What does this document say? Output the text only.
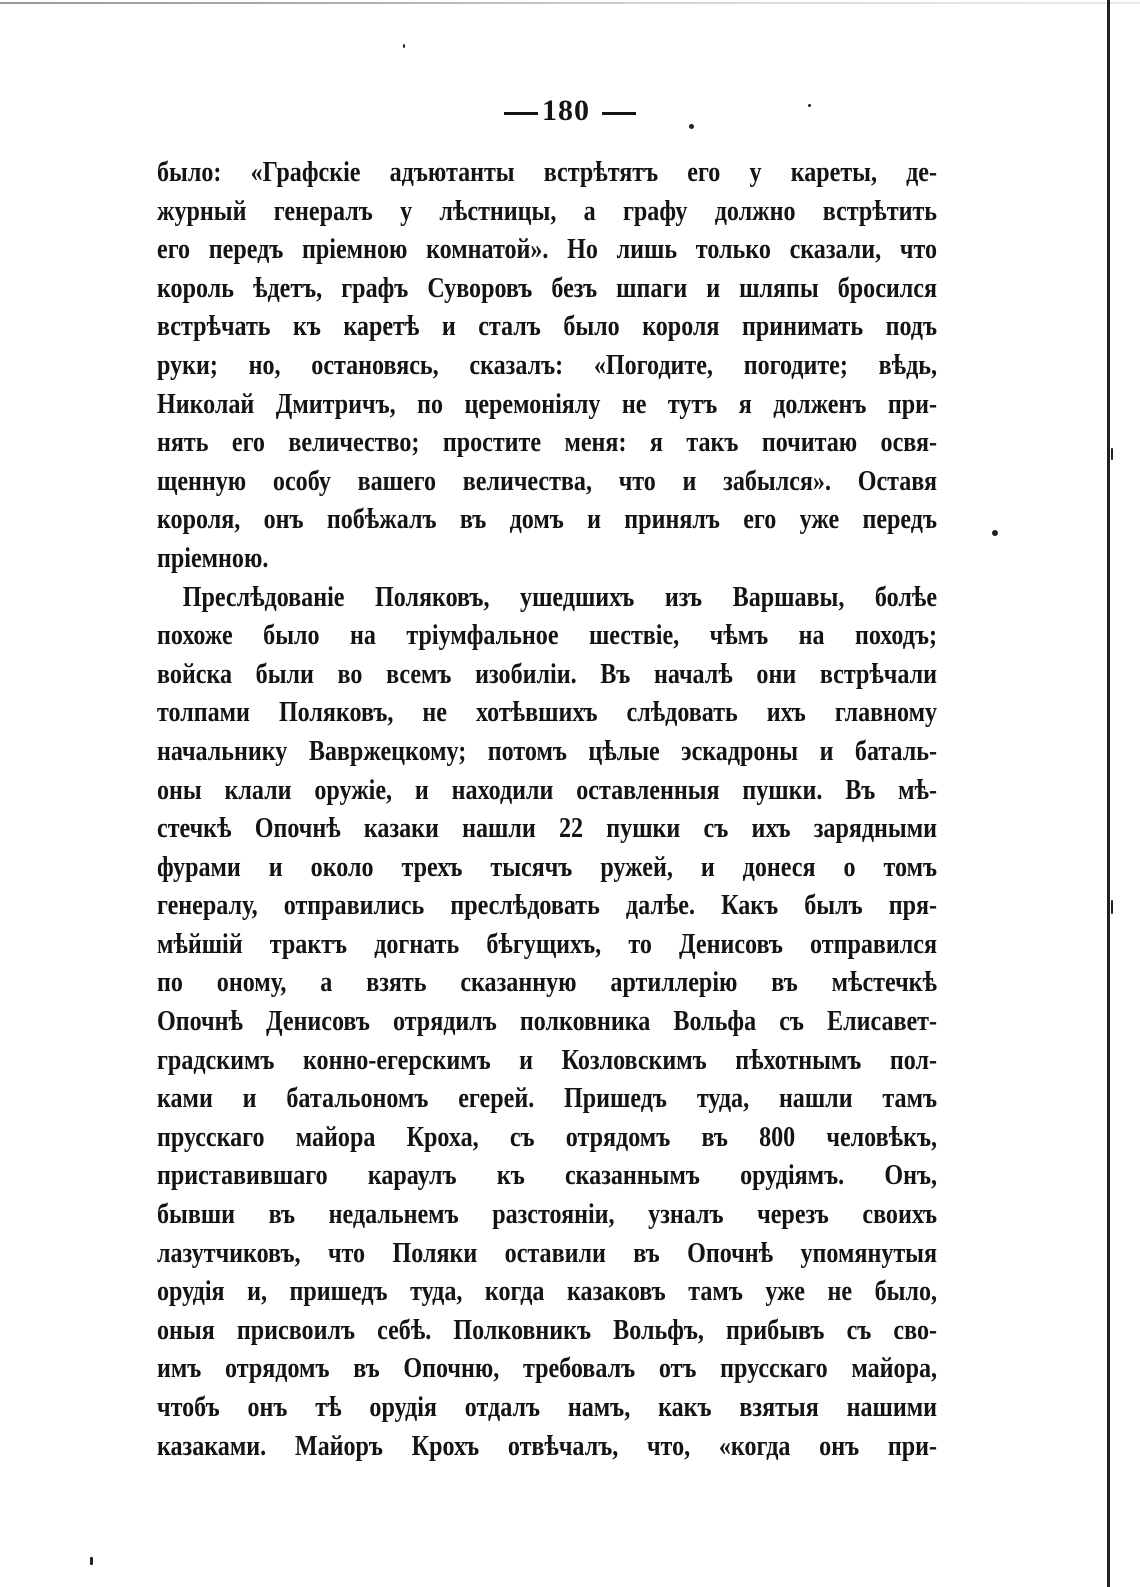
180
было: «Графскіе адъютанты встрѣтятъ его у кареты, де-
журный генералъ у лѣстницы, а графу должно встрѣтить
его передъ пріемною комнатой». Но лишь только сказали, что
король ѣдетъ, графъ Суворовъ безъ шпаги и шляпы бросился
встрѣчать къ каретѣ и сталъ было короля принимать подъ
руки; но, остановясь, сказалъ: «Погодите, погодите; вѣдь,
Николай Дмитричъ, по церемоніялу не тутъ я долженъ при-
нять его величество; простите меня: я такъ почитаю освя-
щенную особу вашего величества, что и забылся». Оставя
короля, онъ побѣжалъ въ домъ и принялъ его уже передъ
пріемною.
Преслѣдованіе Поляковъ, ушедшихъ изъ Варшавы, болѣе
похоже было на тріумфальное шествіе, чѣмъ на походъ;
войска были во всемъ изобиліи. Въ началѣ они встрѣчали
толпами Поляковъ, не хотѣвшихъ слѣдовать ихъ главному
начальнику Вавржецкому; потомъ цѣлые эскадроны и баталь-
оны клали оружіе, и находили оставленныя пушки. Въ мѣ-
стечкѣ Опочнѣ казаки нашли 22 пушки съ ихъ зарядными
фурами и около трехъ тысячъ ружей, и донеся о томъ
генералу, отправились преслѣдовать далѣе. Какъ былъ пря-
мѣйшій трактъ догнать бѣгущихъ, то Денисовъ отправился
по оному, а взять сказанную артиллерію въ мѣстечкѣ
Опочнѣ Денисовъ отрядилъ полковника Вольфа съ Елисавет-
градскимъ конно-егерскимъ и Козловскимъ пѣхотнымъ пол-
ками и батальономъ егерей. Пришедъ туда, нашли тамъ
прусскаго майора Кроха, съ отрядомъ въ 800 человѣкъ,
приставившаго караулъ къ сказаннымъ орудіямъ. Онъ,
бывши въ недальнемъ разстояніи, узналъ черезъ своихъ
лазутчиковъ, что Поляки оставили въ Опочнѣ упомянутыя
орудія и, пришедъ туда, когда казаковъ тамъ уже не было,
оныя присвоилъ себѣ. Полковникъ Вольфъ, прибывъ съ сво-
имъ отрядомъ въ Опочню, требовалъ отъ прусскаго майора,
чтобъ онъ тѣ орудія отдалъ намъ, какъ взятыя нашими
казаками. Майоръ Крохъ отвѣчалъ, что, «когда онъ при-
